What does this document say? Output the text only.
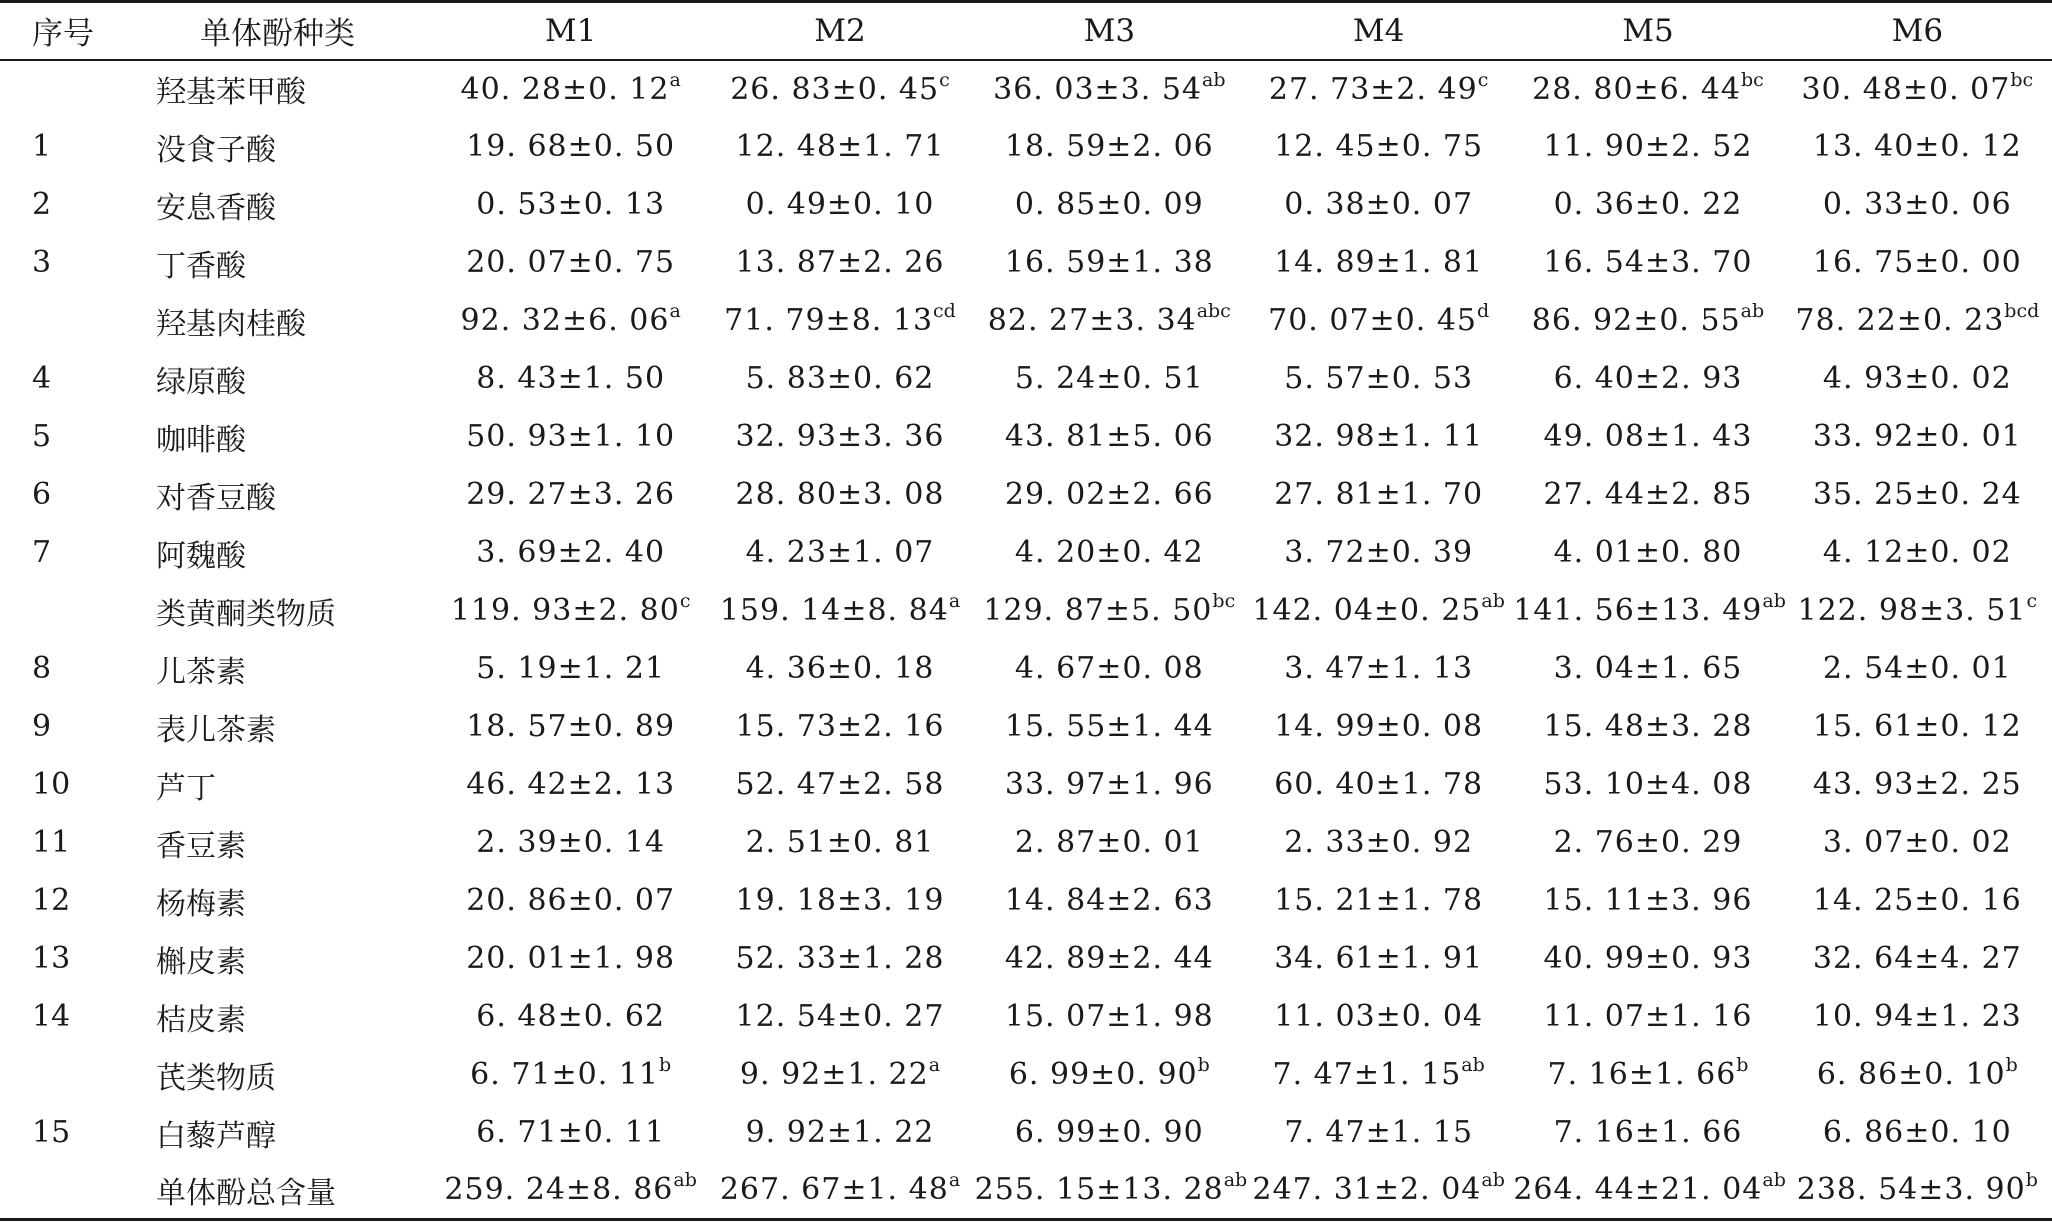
序号	单体酚种类	M1	M2	M3	M4	M5	M6
	羟基苯甲酸	40. 28±0. 12$^a$	26. 83±0. 45$^c$	36. 03±3. $54^{ab}$	27. 73±2. 49$^c$	28. 80±6. $44^{bc}$	30. 48±0. $07^{bc}$
1	没食子酸	19. 68±0. 50	12. 48±1. 71	18. 59±2. 06	12. 45±0. 75	11. 90±2. 52	13. 40±0. 12
2	安息香酸	0. 53±0. 13	0. 49±0. 10	0. 85±0. 09	0. 38±0. 07	0. 36±0. 22	0. 33±0. 06
3	丁香酸	20. 07±0. 75	13. 87±2. 26	16. 59±1. 38	14. 89±1. 81	16. 54±3. 70	16. 75±0. 00
	羟基肉桂酸	92. 32±6. 06$^a$	71. 79±8. $13^{cd}$	82. 27±3. $34^{abc}$	70. 07±0. 45$^d$	86. 92±0. $55^{ab}$	78. 22±0. $23^{bcd}$
4	绿原酸	8. 43±1. 50	5. 83±0. 62	5. 24±0. 51	5. 57±0. 53	6. 40±2. 93	4. 93±0. 02
5	咖啡酸	50. 93±1. 10	32. 93±3. 36	43. 81±5. 06	32. 98±1. 11	49. 08±1. 43	33. 92±0. 01
6	对香豆酸	29. 27±3. 26	28. 80±3. 08	29. 02±2. 66	27. 81±1. 70	27. 44±2. 85	35. 25±0. 24
7	阿魏酸	3. 69±2. 40	4. 23±1. 07	4. 20±0. 42	3. 72±0. 39	4. 01±0. 80	4. 12±0. 02
	类黄酮类物质	119. 93±2. 80$^c$	159. 14±8. 84$^a$	129. 87±5. $50^{bc}$	142. 04±0. $25^{ab}$	141. 56±13. $49^{ab}$	122. 98±3. 51$^c$
8	儿茶素	5. 19±1. 21	4. 36±0. 18	4. 67±0. 08	3. 47±1. 13	3. 04±1. 65	2. 54±0. 01
9	表儿茶素	18. 57±0. 89	15. 73±2. 16	15. 55±1. 44	14. 99±0. 08	15. 48±3. 28	15. 61±0. 12
10	芦丁	46. 42±2. 13	52. 47±2. 58	33. 97±1. 96	60. 40±1. 78	53. 10±4. 08	43. 93±2. 25
11	香豆素	2. 39±0. 14	2. 51±0. 81	2. 87±0. 01	2. 33±0. 92	2. 76±0. 29	3. 07±0. 02
12	杨梅素	20. 86±0. 07	19. 18±3. 19	14. 84±2. 63	15. 21±1. 78	15. 11±3. 96	14. 25±0. 16
13	槲皮素	20. 01±1. 98	52. 33±1. 28	42. 89±2. 44	34. 61±1. 91	40. 99±0. 93	32. 64±4. 27
14	桔皮素	6. 48±0. 62	12. 54±0. 27	15. 07±1. 98	11. 03±0. 04	11. 07±1. 16	10. 94±1. 23
	芪类物质	6. 71±0. 11$^b$	9. 92±1. 22$^a$	6. 99±0. 90$^b$	7. 47±1. $15^{ab}$	7. 16±1. 66$^b$	6. 86±0. 10$^b$
15	白藜芦醇	6. 71±0. 11	9. 92±1. 22	6. 99±0. 90	7. 47±1. 15	7. 16±1. 66	6. 86±0. 10
	单体酚总含量	259. 24±8. $86^{ab}$	267. 67±1. 48$^a$	255. 15±13. $28^{ab}$	247. 31±2. $04^{ab}$	264. 44±21. $04^{ab}$	238. 54±3. 90$^b$
